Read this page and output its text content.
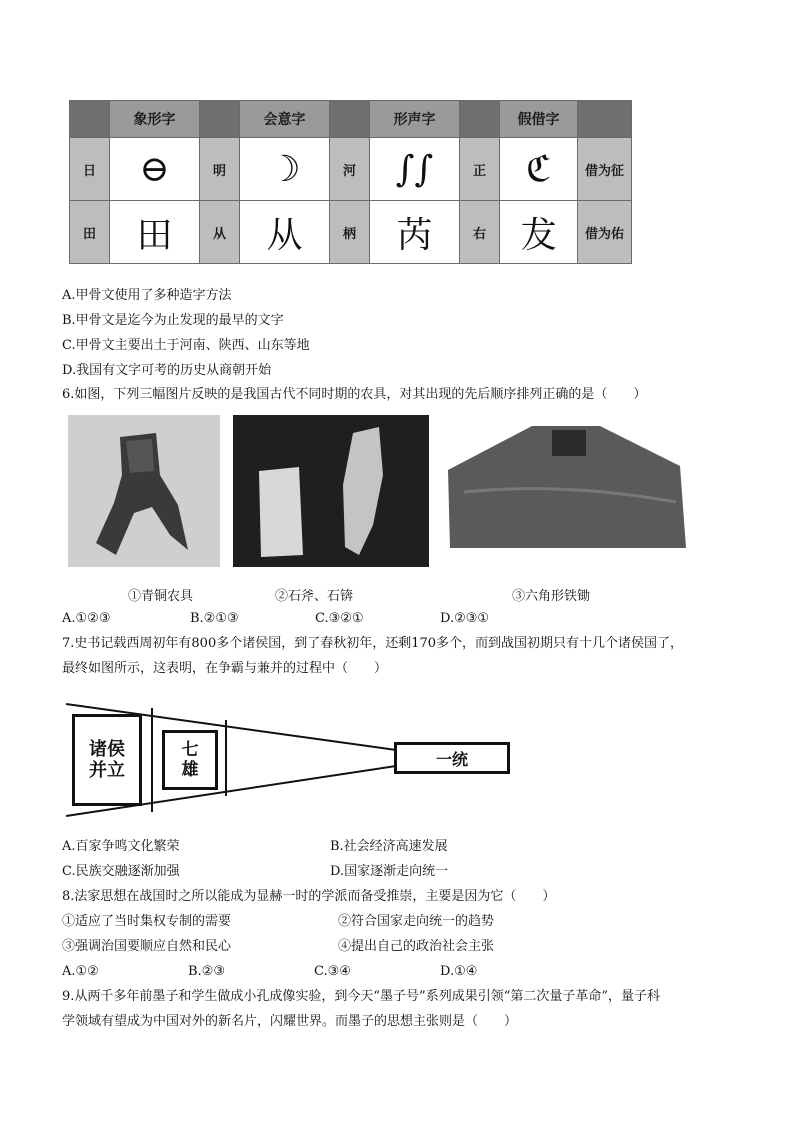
	象形字		会意字		形声字		假借字	
日	⊖	明	☽	河	∫∫	正	ℭ	借为征
田	田	从	从	柄	芮	右	犮	借为佑
A.甲骨文使用了多种造字方法
B.甲骨文是迄今为止发现的最早的文字
C.甲骨文主要出土于河南、陕西、山东等地
D.我国有文字可考的历史从商朝开始
6.如图，下列三幅图片反映的是我国古代不同时期的农具，对其出现的先后顺序排列正确的是（　　）
①青铜农具	②石斧、石锛	③六角形铁锄
A.①②③	B.②①③	C.③②①	D.②③①
7.史书记载西周初年有800多个诸侯国，到了春秋初年，还剩170多个，而到战国初期只有十几个诸侯国了，
最终如图所示，这表明，在争霸与兼并的过程中（　　）
诸侯并立
七雄
一统
A.百家争鸣文化繁荣	B.社会经济高速发展
C.民族交融逐渐加强	D.国家逐渐走向统一
8.法家思想在战国时之所以能成为显赫一时的学派而备受推崇，主要是因为它（　　）
①适应了当时集权专制的需要	②符合国家走向统一的趋势
③强调治国要顺应自然和民心	④提出自己的政治社会主张
A.①②	B.②③	C.③④	D.①④
9.从两千多年前墨子和学生做成小孔成像实验，到今天“墨子号”系列成果引领“第二次量子革命”，量子科
学领域有望成为中国对外的新名片，闪耀世界。而墨子的思想主张则是（　　）
